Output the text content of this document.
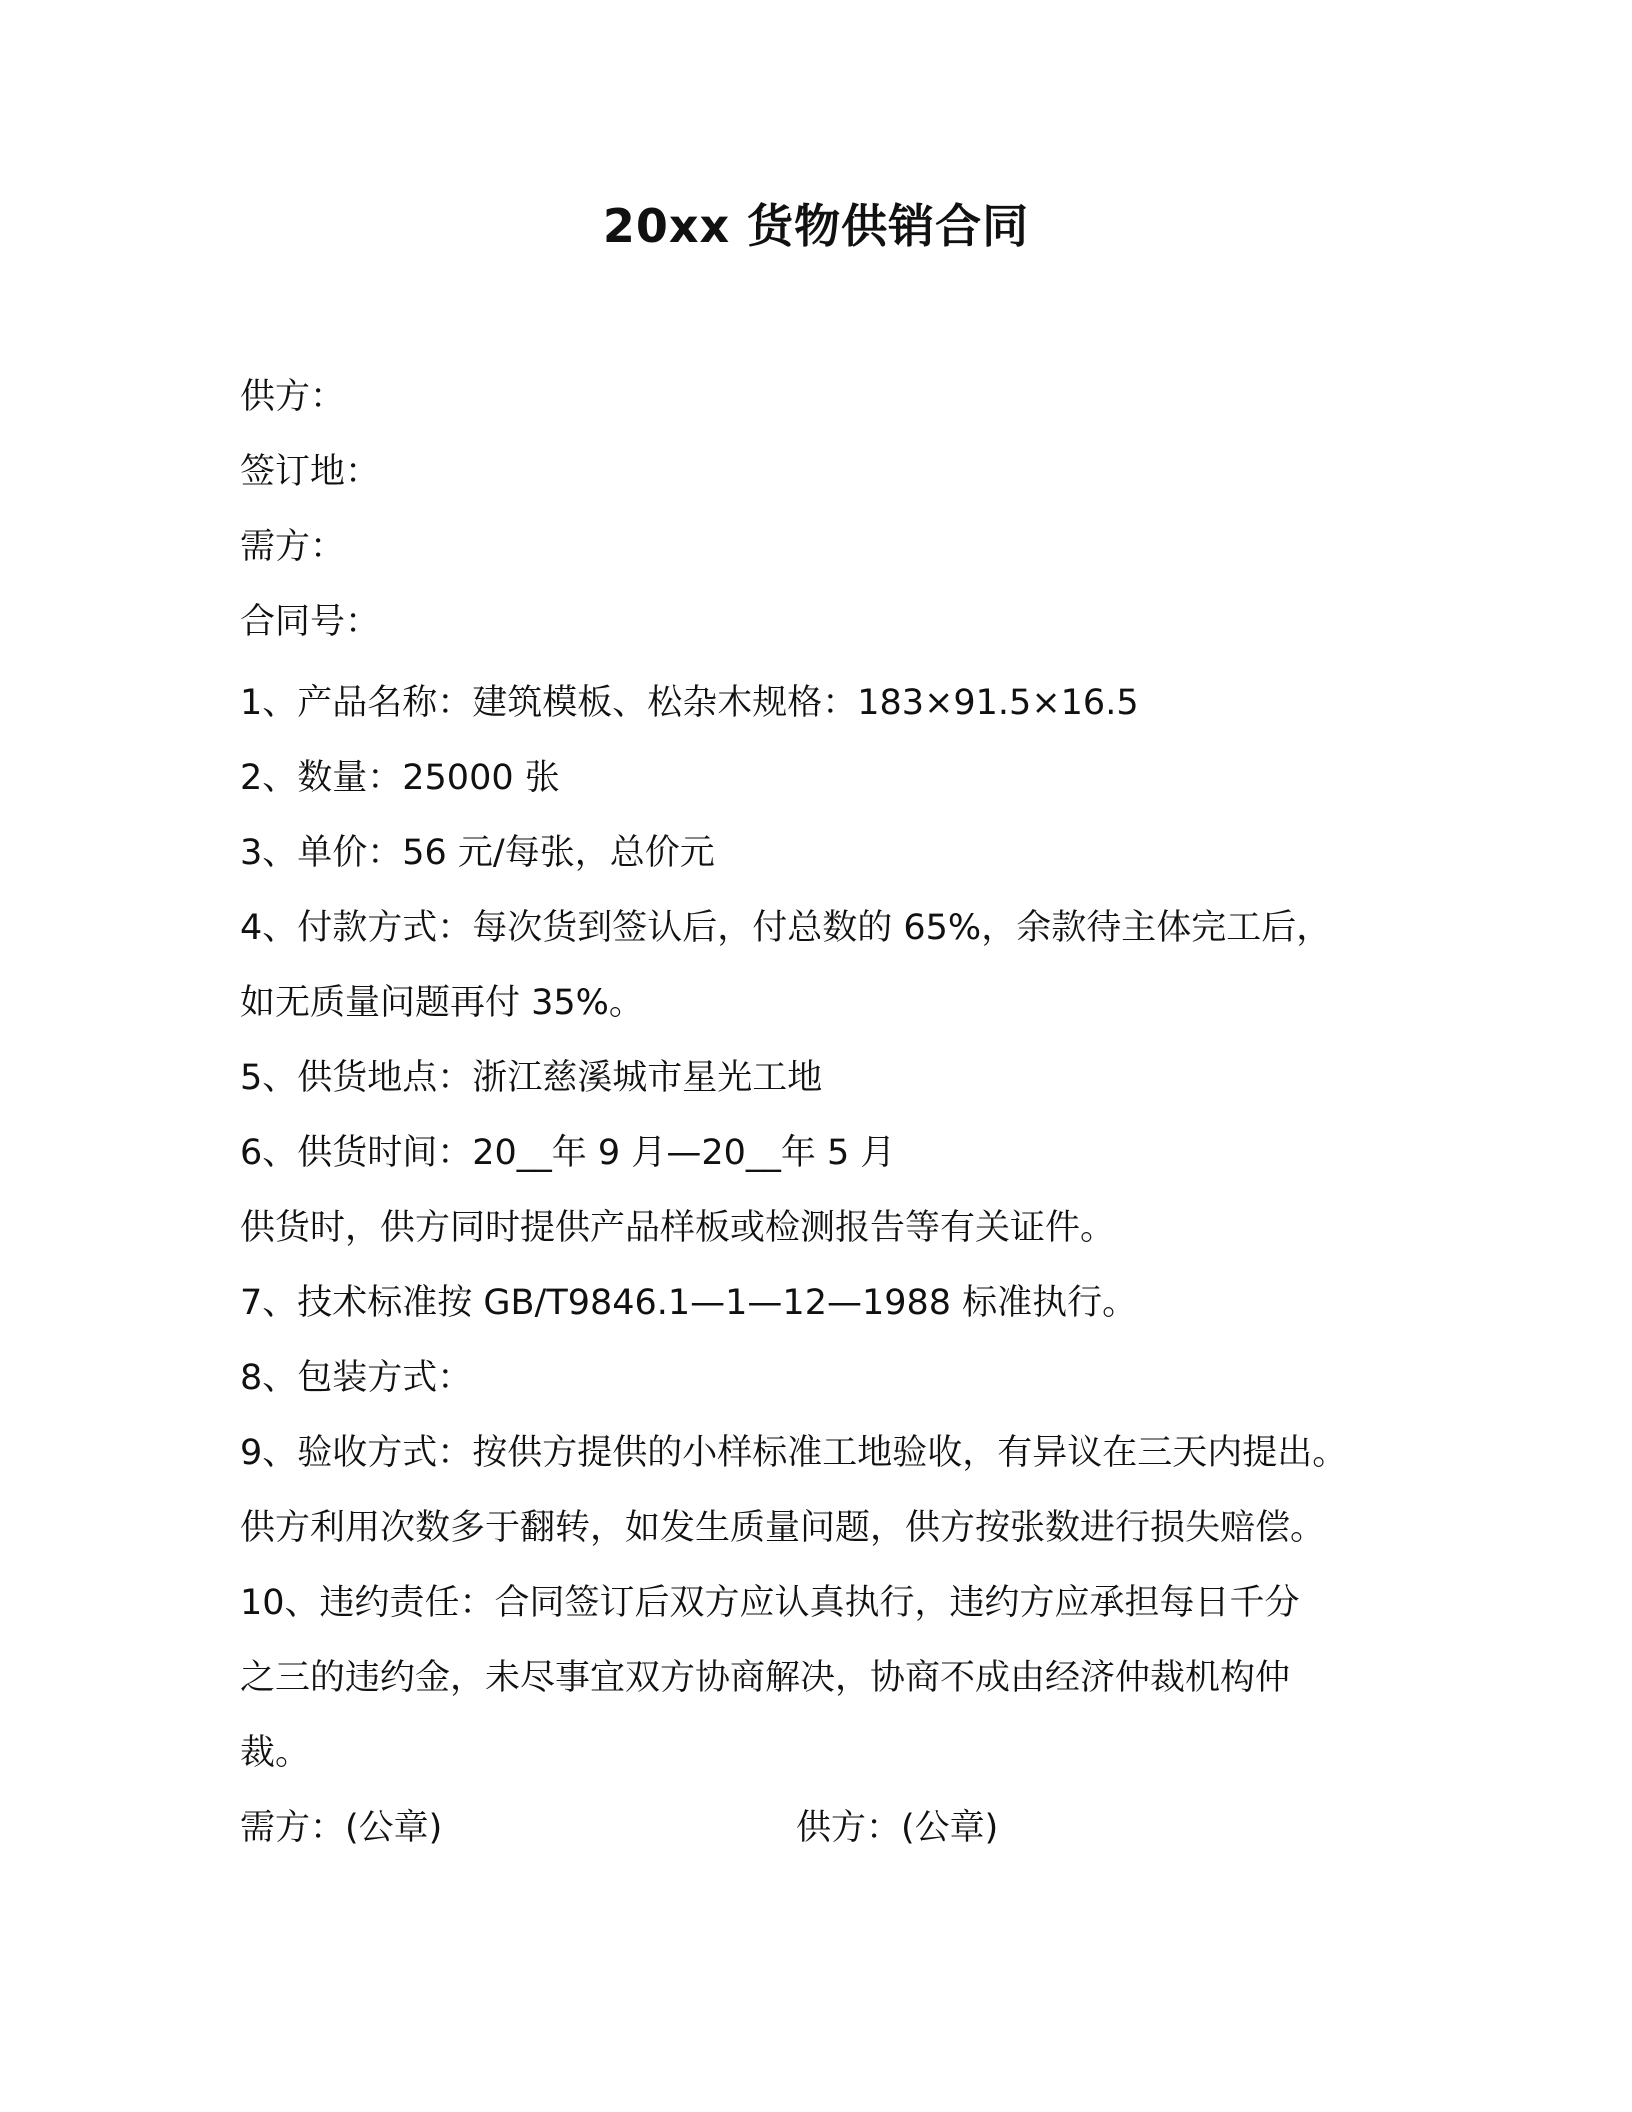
20xx 货物供销合同
供方：
签订地：
需方：
合同号：
1、产品名称：建筑模板、松杂木规格：183×91.5×16.5
2、数量：25000 张
3、单价：56 元/每张，总价元
4、付款方式：每次货到签认后，付总数的 65%，余款待主体完工后，
如无质量问题再付 35%。
5、供货地点：浙江慈溪城市星光工地
6、供货时间：20__年 9 月—20__年 5 月
供货时，供方同时提供产品样板或检测报告等有关证件。
7、技术标准按 GB/T9846.1—1—12—1988 标准执行。
8、包装方式：
9、验收方式：按供方提供的小样标准工地验收，有异议在三天内提出。
供方利用次数多于翻转，如发生质量问题，供方按张数进行损失赔偿。
10、违约责任：合同签订后双方应认真执行，违约方应承担每日千分
之三的违约金，未尽事宜双方协商解决，协商不成由经济仲裁机构仲
裁。
需方：(公章)	供方：(公章)
